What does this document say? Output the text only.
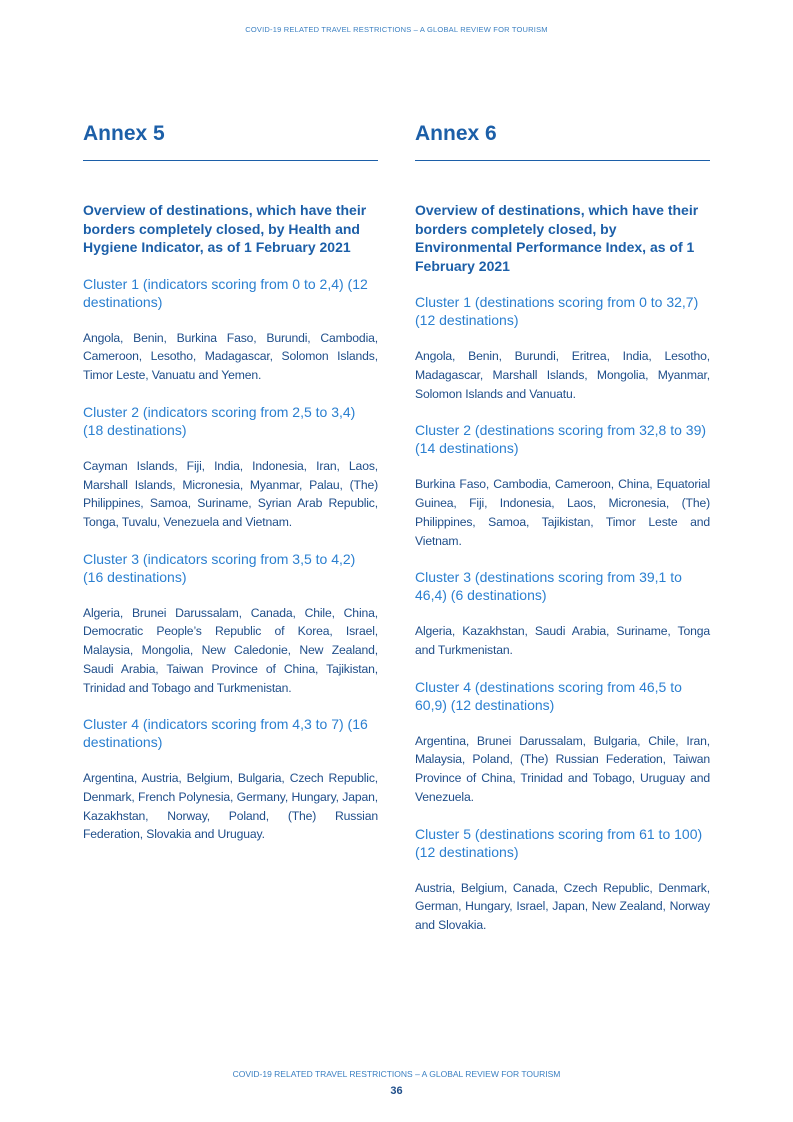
COVID-19 RELATED TRAVEL RESTRICTIONS – A GLOBAL REVIEW FOR TOURISM
Annex 5
Overview of destinations, which have their borders completely closed, by Health and Hygiene Indicator, as of 1 February 2021
Cluster 1 (indicators scoring from 0 to 2,4) (12 destinations)
Angola, Benin, Burkina Faso, Burundi, Cambodia, Cameroon, Lesotho, Madagascar, Solomon Islands, Timor Leste, Vanuatu and Yemen.
Cluster 2 (indicators scoring from 2,5 to 3,4) (18 destinations)
Cayman Islands, Fiji, India, Indonesia, Iran, Laos, Marshall Islands, Micronesia, Myanmar, Palau, (The) Philippines, Samoa, Suriname, Syrian Arab Republic, Tonga, Tuvalu, Venezuela and Vietnam.
Cluster 3 (indicators scoring from 3,5 to 4,2) (16 destinations)
Algeria, Brunei Darussalam, Canada, Chile, China, Democratic People’s Republic of Korea, Israel, Malaysia, Mongolia, New Caledonie, New Zealand, Saudi Arabia, Taiwan Province of China, Tajikistan, Trinidad and Tobago and Turkmenistan.
Cluster 4 (indicators scoring from 4,3 to 7) (16 destinations)
Argentina, Austria, Belgium, Bulgaria, Czech Republic, Denmark, French Polynesia, Germany, Hungary, Japan, Kazakhstan, Norway, Poland, (The) Russian Federation, Slovakia and Uruguay.
Annex 6
Overview of destinations, which have their borders completely closed, by Environmental Performance Index, as of 1 February 2021
Cluster 1 (destinations scoring from 0 to 32,7) (12 destinations)
Angola, Benin, Burundi, Eritrea, India, Lesotho, Madagascar, Marshall Islands, Mongolia, Myanmar, Solomon Islands and Vanuatu.
Cluster 2 (destinations scoring from 32,8 to 39) (14 destinations)
Burkina Faso, Cambodia, Cameroon, China, Equatorial Guinea, Fiji, Indonesia, Laos, Micronesia, (The) Philippines, Samoa, Tajikistan, Timor Leste and Vietnam.
Cluster 3 (destinations scoring from 39,1 to 46,4) (6 destinations)
Algeria, Kazakhstan, Saudi Arabia, Suriname, Tonga and Turkmenistan.
Cluster 4 (destinations scoring from 46,5 to 60,9) (12 destinations)
Argentina, Brunei Darussalam, Bulgaria, Chile, Iran, Malaysia, Poland, (The) Russian Federation, Taiwan Province of China, Trinidad and Tobago, Uruguay and Venezuela.
Cluster 5 (destinations scoring from 61 to 100) (12 destinations)
Austria, Belgium, Canada, Czech Republic, Denmark, German, Hungary, Israel, Japan, New Zealand, Norway and Slovakia.
COVID-19 RELATED TRAVEL RESTRICTIONS – A GLOBAL REVIEW FOR TOURISM
36
